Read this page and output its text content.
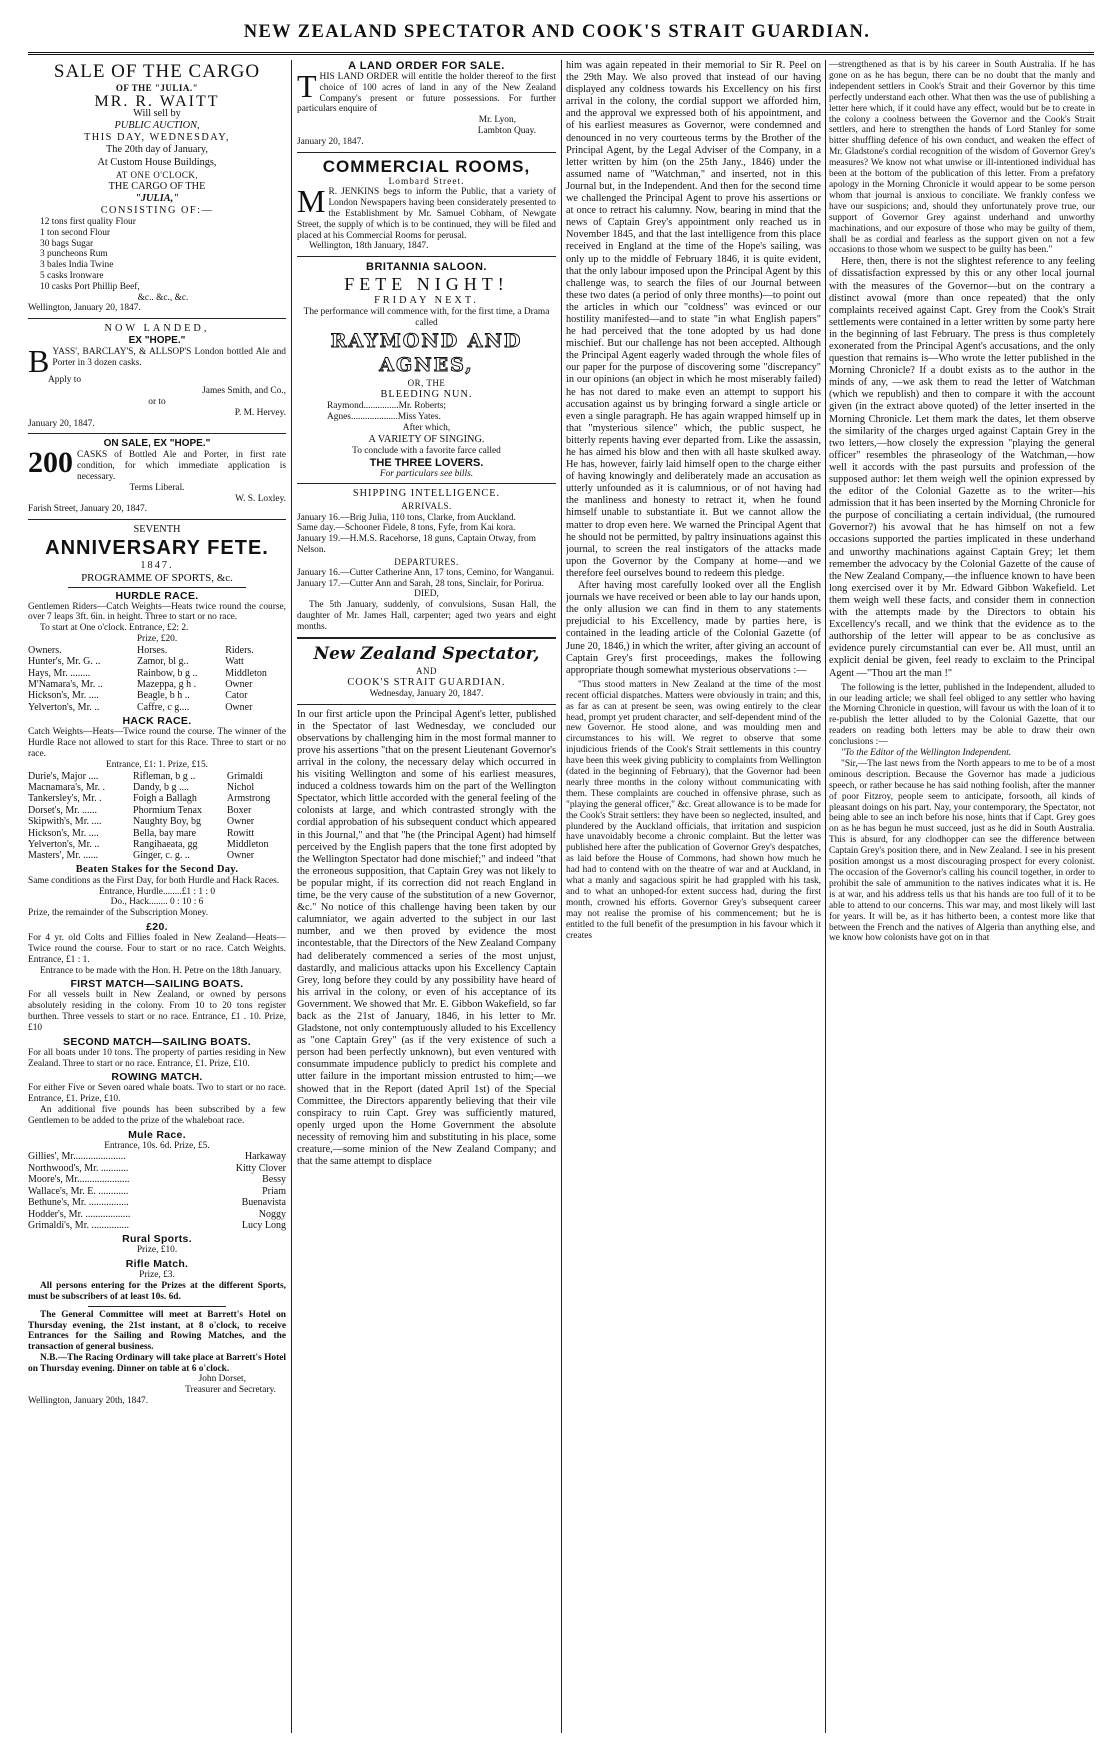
NEW ZEALAND SPECTATOR AND COOK'S STRAIT GUARDIAN.
SALE OF THE CARGO
OF THE "JULIA."
MR. R. WAITT
Will sell by
PUBLIC AUCTION,
THIS DAY, WEDNESDAY,
The 20th day of January,
At Custom House Buildings,
AT ONE O'CLOCK,
THE CARGO OF THE
"JULIA,"
CONSISTING OF:—
12 tons first quality Flour
1 ton second Flour
30 bags Sugar
3 puncheons Rum
3 bales India Twine
5 casks Ironware
10 casks Port Phillip Beef,
&c.. &c., &c.
Wellington, January 20, 1847.
NOW LANDED,
EX "HOPE."
BYASS', BARCLAY'S, & ALLSOP'S London bottled Ale and Porter in 3 dozen casks.
Apply to
James Smith, and Co.,
or to
P. M. Hervey.
January 20, 1847.
ON SALE, EX "HOPE."
200 CASKS of Bottled Ale and Porter, in first rate condition, for which immediate application is necessary.
Terms Liberal.
W. S. Loxley.
Farish Street, January 20, 1847.
SEVENTH
ANNIVERSARY FETE.
1847.
PROGRAMME OF SPORTS, &c.
HURDLE RACE.
Gentlemen Riders—Catch Weights—Heats twice round the course, over 7 leaps 3ft. 6in. in height. Three to start or no race.
To start at One o'clock. Entrance, £2: 2.
Prize, £20.
Owners.	Horses.	Riders.
Hunter's, Mr. G. ..	Zamor, bl g..	Watt
Hays, Mr. ........	Rainbow, b g ..	Middleton
M'Namara's, Mr. ..	Mazeppa, g h .	Owner
Hickson's, Mr. ....	Beagle, b h ..	Cator
Yelverton's, Mr. ..	Caffre, c g....	Owner
HACK RACE.
Catch Weights—Heats—Twice round the course. The winner of the Hurdle Race not allowed to start for this Race. Three to start or no race.
Entrance, £1: 1. Prize, £15.
Durie's, Major ....	Rifleman, b g ..	Grimaldi
Macnamara's, Mr. .	Dandy, b g ....	Nichol
Tankersley's, Mr. .	Foigh a Ballagh	Armstrong
Dorset's, Mr. ......	Phormium Tenax	Boxer
Skipwith's, Mr. ....	Naughty Boy, bg	Owner
Hickson's, Mr. ....	Bella, bay mare	Rowitt
Yelverton's, Mr. ..	Rangihaeata, gg	Middleton
Masters', Mr. ......	Ginger, c. g. ..	Owner
Beaten Stakes for the Second Day.
Same conditions as the First Day, for both Hurdle and Hack Races.
Entrance, Hurdle........£1 : 1 : 0
Do., Hack........ 0 : 10 : 6
Prize, the remainder of the Subscription Money.
£20.
For 4 yr. old Colts and Fillies foaled in New Zealand—Heats—Twice round the course. Four to start or no race. Catch Weights. Entrance, £1 : 1.
Entrance to be made with the Hon. H. Petre on the 18th January.
FIRST MATCH—SAILING BOATS.
For all vessels built in New Zealand, or owned by persons absolutely residing in the colony. From 10 to 20 tons register burthen. Three vessels to start or no race. Entrance, £1 . 10. Prize, £10
SECOND MATCH—SAILING BOATS.
For all boats under 10 tons. The property of parties residing in New Zealand. Three to start or no race. Entrance, £1. Prize, £10.
ROWING MATCH.
For either Five or Seven oared whale boats. Two to start or no race. Entrance, £1. Prize, £10.
An additional five pounds has been subscribed by a few Gentlemen to be added to the prize of the whaleboat race.
Mule Race.
Entrance, 10s. 6d. Prize, £5.
Gillies', Mr.....................	Harkaway
Northwood's, Mr. ...........	Kitty Clover
Moore's, Mr.....................	Bessy
Wallace's, Mr. E. ............	Priam
Bethune's, Mr. ................	Buenavista
Hodder's, Mr. ..................	Noggy
Grimaldi's, Mr. ...............	Lucy Long
Rural Sports.
Prize, £10.
Rifle Match.
Prize, £3.
All persons entering for the Prizes at the different Sports, must be subscribers of at least 10s. 6d.
The General Committee will meet at Barrett's Hotel on Thursday evening, the 21st instant, at 8 o'clock, to receive Entrances for the Sailing and Rowing Matches, and the transaction of general business.
N.B.—The Racing Ordinary will take place at Barrett's Hotel on Thursday evening. Dinner on table at 6 o'clock.
John Dorset,
Treasurer and Secretary.
Wellington, January 20th, 1847.
A LAND ORDER FOR SALE.
THIS LAND ORDER will entitle the holder thereof to the first choice of 100 acres of land in any of the New Zealand Company's present or future possessions. For further particulars enquire of
Mr. Lyon,
Lambton Quay.
January 20, 1847.
COMMERCIAL ROOMS,
Lombard Street.
M R. JENKINS begs to inform the Public, that a variety of London Newspapers having been considerately presented to the Establishment by Mr. Samuel Cobham, of Newgate Street, the supply of which is to be continued, they will be filed and placed at his Commercial Rooms for perusal.
Wellington, 18th January, 1847.
BRITANNIA SALOON.
FETE NIGHT!
FRIDAY NEXT.
The performance will commence with, for the first time, a Drama called
RAYMOND AND AGNES,
OR, THE
BLEEDING NUN.
Raymond...............Mr. Roberts;
Agnes....................Miss Yates.
After which,
A VARIETY OF SINGING.
To conclude with a favorite farce called
THE THREE LOVERS.
For particulars see bills.
SHIPPING INTELLIGENCE.
ARRIVALS.
January 16.—Brig Julia, 110 tons, Clarke, from Auckland.
Same day.—Schooner Fidele, 8 tons, Fyfe, from Kai kora.
January 19.—H.M.S. Racehorse, 18 guns, Captain Otway, from Nelson.
DEPARTURES.
January 16.—Cutter Catherine Ann, 17 tons, Cemino, for Wanganui.
January 17.—Cutter Ann and Sarah, 28 tons, Sinclair, for Porirua.
DIED,
The 5th January, suddenly, of convulsions, Susan Hall, the daughter of Mr. James Hall, carpenter; aged two years and eight months.
New Zealand Spectator,
AND
COOK'S STRAIT GUARDIAN.
Wednesday, January 20, 1847.

In our first article upon the Principal Agent's letter, published in the Spectator of last Wednesday, we concluded our observations by challenging him in the most formal manner to prove his assertions "that on the present Lieutenant Governor's arrival in the colony, the necessary delay which occurred in his visiting Wellington and some of his earliest measures, induced a coldness towards him on the part of the Wellington Spectator, which little accorded with the general feeling of the colonists at large, and which contrasted strongly with the cordial approbation of his subsequent conduct which appeared in this Journal," and that "he (the Principal Agent) had himself perceived by the English papers that the tone first adopted by the Wellington Spectator had done mischief;" and indeed "that the erroneous supposition, that Captain Grey was not likely to be popular might, if its correction did not reach England in time, be the very cause of the substitution of a new Governor, &c." No notice of this challenge having been taken by our calumniator, we again adverted to the subject in our last number, and we then proved by evidence the most incontestable, that the Directors of the New Zealand Company had deliberately commenced a series of the most unjust, dastardly, and malicious attacks upon his Excellency Captain Grey, long before they could by any possibility have heard of his arrival in the colony, or even of his acceptance of its Government. We showed that Mr. E. Gibbon Wakefield, so far back as the 21st of January, 1846, in his letter to Mr. Gladstone, not only contemptuously alluded to his Excellency as "one Captain Grey" (as if the very existence of such a person had been perfectly unknown), but even ventured with consummate impudence publicly to predict his complete and utter failure in the important mission entrusted to him;—we showed that in the Report (dated April 1st) of the Special Committee, the Directors apparently believing that their vile conspiracy to ruin Capt. Grey was sufficiently matured, openly urged upon the Home Government the absolute necessity of removing him and substituting in his place, some creature,—some minion of the New Zealand Company; and that the same attempt to displace

him was again repeated in their memorial to Sir R. Peel on the 29th May. We also proved that instead of our having displayed any coldness towards his Excellency on his first arrival in the colony, the cordial support we afforded him, and the approval we expressed both of his appointment, and of his earliest measures as Governor, were condemned and denounced in no very courteous terms by the Brother of the Principal Agent, by the Legal Adviser of the Company, in a letter written by him (on the 25th Jany., 1846) under the assumed name of "Watchman," and inserted, not in this Journal but, in the Independent. And then for the second time we challenged the Principal Agent to prove his assertions or at once to retract his calumny. Now, bearing in mind that the news of Captain Grey's appointment only reached us in November 1845, and that the last intelligence from this place received in England at the time of the Hope's sailing, was only up to the middle of February 1846, it is quite evident, that the only labour imposed upon the Principal Agent by this challenge was, to search the files of our Journal between these two dates (a period of only three months)—to point out the articles in which our "coldness" was evinced or our hostility manifested—and to state "in what English papers" he had perceived that the tone adopted by us had done mischief. But our challenge has not been accepted. Although the Principal Agent eagerly waded through the whole files of our paper for the purpose of discovering some "discrepancy" in our opinions (an object in which he most miserably failed) he has not dared to make even an attempt to support his accusation against us by bringing forward a single article or even a single paragraph. He has again wrapped himself up in that "mysterious silence" which, the public suspect, he bitterly repents having ever departed from. Like the assassin, he has aimed his blow and then with all haste skulked away. He has, however, fairly laid himself open to the charge either of having knowingly and deliberately made an accusation as utterly unfounded as it is calumnious, or of not having had the manliness and honesty to retract it, when he found himself unable to substantiate it. But we cannot allow the matter to drop even here. We warned the Principal Agent that he should not be permitted, by paltry insinuations against this journal, to screen the real instigators of the attacks made upon the Governor by the Company at home—and we therefore feel ourselves bound to redeem this pledge.

After having most carefully looked over all the English journals we have received or been able to lay our hands upon, the only allusion we can find in them to any statements prejudicial to his Excellency, made by parties here, is contained in the leading article of the Colonial Gazette (of June 20, 1846,) in which the writer, after giving an account of Captain Grey's first proceedings, makes the following appropriate though somewhat mysterious observations :—

"Thus stood matters in New Zealand at the time of the most recent official dispatches. Matters were obviously in train; and this, as far as can at present be seen, was owing entirely to the clear head, prompt yet prudent character, and self-dependent mind of the new Governor. He stood alone, and was moulding men and circumstances to his will. We regret to observe that some injudicious friends of the Cook's Strait settlements in this country have been this week giving publicity to complaints from Wellington (dated in the beginning of February), that the Governor had been nearly three months in the colony without communicating with them. These complaints are couched in offensive phrase, such as "playing the general officer," &c. Great allowance is to be made for the Cook's Strait settlers: they have been so neglected, insulted, and plundered by the Auckland officials, that irritation and suspicion have unavoidably become a chronic complaint. But the letter was published here after the publication of Governor Grey's despatches, as laid before the House of Commons, had shown how much he had had to contend with on the theatre of war and at Auckland, in what a manly and sagacious spirit he had grappled with his task, and to what an unhoped-for extent success had, during the first month, crowned his efforts. Governor Grey's subsequent career may not realise the promise of his commencement; but he is entitled to the full benefit of the presumption in his favour which it creates

—strengthened as that is by his career in South Australia. If he has gone on as he has begun, there can be no doubt that the manly and independent settlers in Cook's Strait and their Governor by this time perfectly understand each other. What then was the use of publishing a letter here which, if it could have any effect, would but be to create in the colony a coolness between the Governor and the Cook's Strait settlers, and here to strengthen the hands of Lord Stanley for some bitter shuffling defence of his own conduct, and weaken the effect of Mr. Gladstone's cordial recognition of the wisdom of Governor Grey's measures? We know not what unwise or ill-intentioned individual has been at the bottom of the publication of this letter. From a prefatory apology in the Morning Chronicle it would appear to be some person whom that journal is anxious to conciliate. We frankly confess we have our suspicions; and, should they unfortunately prove true, our support of Governor Grey against underhand and unworthy machinations, and our exposure of those who may be guilty of them, shall be as cordial and fearless as the support given on not a few occasions to those whom we suspect to be guilty has been."

Here, then, there is not the slightest reference to any feeling of dissatisfaction expressed by this or any other local journal with the measures of the Governor—but on the contrary a distinct avowal (more than once repeated) that the only complaints received against Capt. Grey from the Cook's Strait settlements were contained in a letter written by some party here in the beginning of last February. The press is thus completely exonerated from the Principal Agent's accusations, and the only question that remains is—Who wrote the letter published in the Morning Chronicle? If a doubt exists as to the author in the minds of any, —we ask them to read the letter of Watchman (which we republish) and then to compare it with the account given (in the extract above quoted) of the letter inserted in the Morning Chronicle. Let them mark the dates, let them observe the similarity of the charges urged against Captain Grey in the two letters,—how closely the expression "playing the general officer" resembles the phraseology of the Watchman,—how well it accords with the past pursuits and profession of the supposed author: let them weigh well the opinion expressed by the editor of the Colonial Gazette as to the writer—his admission that it has been inserted by the Morning Chronicle for the purpose of conciliating a certain individual, (the rumoured Governor?) his avowal that he has himself on not a few occasions supported the parties implicated in these underhand and unworthy machinations against Captain Grey; let them remember the advocacy by the Colonial Gazette of the cause of the New Zealand Company,—the influence known to have been long exercised over it by Mr. Edward Gibbon Wakefield. Let them weigh well these facts, and consider them in connection with the attempts made by the Directors to obtain his Excellency's recall, and we think that the evidence as to the authorship of the letter will appear to be as conclusive as evidence purely circumstantial can ever be. All must, until an explicit denial be given, feel ready to exclaim to the Principal Agent —"Thou art the man !"

The following is the letter, published in the Independent, alluded to in our leading article; we shall feel obliged to any settler who having the Morning Chronicle in question, will favour us with the loan of it to re-publish the letter alluded to by the Colonial Gazette, that our readers on reading both letters may be able to draw their own conclusions :—

"To the Editor of the Wellington Independent.

"Sir,—The last news from the North appears to me to be of a most ominous description. Because the Governor has made a judicious speech, or rather because he has said nothing foolish, after the manner of poor Fitzroy, people seem to anticipate, forsooth, all kinds of pleasant doings on his part. Nay, your contemporary, the Spectator, not being able to see an inch before his nose, hints that if Capt. Grey goes on as he has begun he must succeed, just as he did in South Australia. This is absurd, for any clodhopper can see the difference between Captain Grey's position there, and in New Zealand. I see in his present position amongst us a most discouraging prospect for every colonist. The occasion of the Governor's calling his council together, in order to prohibit the sale of ammunition to the natives indicates what it is. He is at war, and his address tells us that his hands are too full of it to be able to attend to our concerns. This war may, and most likely will last for years. It will be, as it has hitherto been, a contest more like that between the French and the natives of Algeria than anything else, and we know how colonists have got on in that
